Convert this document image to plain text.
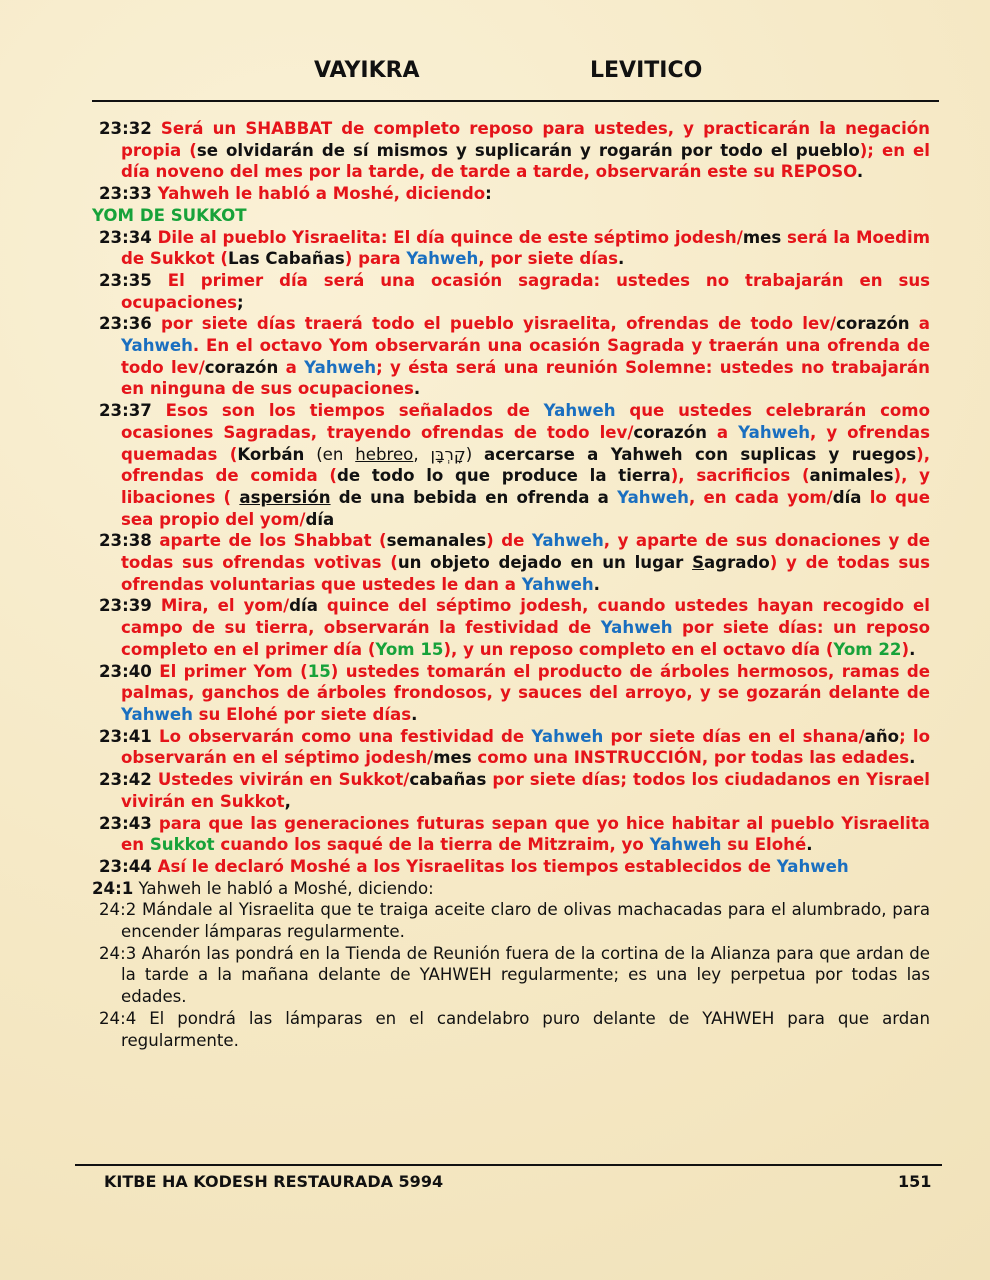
VAYIKRA	LEVITICO
23:32 Será un SHABBAT de completo reposo para ustedes, y practicarán la negación propia (se olvidarán de sí mismos y suplicarán y rogarán por todo el pueblo); en el día noveno del mes por la tarde, de tarde a tarde, observarán este su REPOSO.
23:33 Yahweh le habló a Moshé, diciendo:
YOM DE SUKKOT
23:34 Dile al pueblo Yisraelita: El día quince de este séptimo jodesh/mes será la Moedim de Sukkot (Las Cabañas) para Yahweh, por siete días.
23:35 El primer día será una ocasión sagrada: ustedes no trabajarán en sus ocupaciones;
23:36 por siete días traerá todo el pueblo yisraelita, ofrendas de todo lev/corazón a Yahweh. En el octavo Yom observarán una ocasión Sagrada y traerán una ofrenda de todo lev/corazón a Yahweh; y ésta será una reunión Solemne: ustedes no trabajarán en ninguna de sus ocupaciones.
23:37 Esos son los tiempos señalados de Yahweh que ustedes celebrarán como ocasiones Sagradas, trayendo ofrendas de todo lev/corazón a Yahweh, y ofrendas quemadas (Korbán (en hebreo, קָרְבָּן) acercarse a Yahweh con suplicas y ruegos), ofrendas de comida (de todo lo que produce la tierra), sacrificios (animales), y libaciones ( aspersión de una bebida en ofrenda a Yahweh, en cada yom/día lo que sea propio del yom/día
23:38 aparte de los Shabbat (semanales) de Yahweh, y aparte de sus donaciones y de todas sus ofrendas votivas (un objeto dejado en un lugar Sagrado) y de todas sus ofrendas voluntarias que ustedes le dan a Yahweh.
23:39 Mira, el yom/día quince del séptimo jodesh, cuando ustedes hayan recogido el campo de su tierra, observarán la festividad de Yahweh por siete días: un reposo completo en el primer día (Yom 15), y un reposo completo en el octavo día (Yom 22).
23:40 El primer Yom (15) ustedes tomarán el producto de árboles hermosos, ramas de palmas, ganchos de árboles frondosos, y sauces del arroyo, y se gozarán delante de Yahweh su Elohé por siete días.
23:41 Lo observarán como una festividad de Yahweh por siete días en el shana/año; lo observarán en el séptimo jodesh/mes como una INSTRUCCIÓN, por todas las edades.
23:42 Ustedes vivirán en Sukkot/cabañas por siete días; todos los ciudadanos en Yisrael vivirán en Sukkot,
23:43 para que las generaciones futuras sepan que yo hice habitar al pueblo Yisraelita en Sukkot cuando los saqué de la tierra de Mitzraim, yo Yahweh su Elohé.
23:44 Así le declaró Moshé a los Yisraelitas los tiempos establecidos de Yahweh
24:1 Yahweh le habló a Moshé, diciendo:
24:2 Mándale al Yisraelita que te traiga aceite claro de olivas machacadas para el alumbrado, para encender lámparas regularmente.
24:3 Aharón las pondrá en la Tienda de Reunión fuera de la cortina de la Alianza para que ardan de la tarde a la mañana delante de YAHWEH regularmente; es una ley perpetua por todas las edades.
24:4 El pondrá las lámparas en el candelabro puro delante de YAHWEH para que ardan regularmente.
KITBE HA KODESH RESTAURADA 5994	151
